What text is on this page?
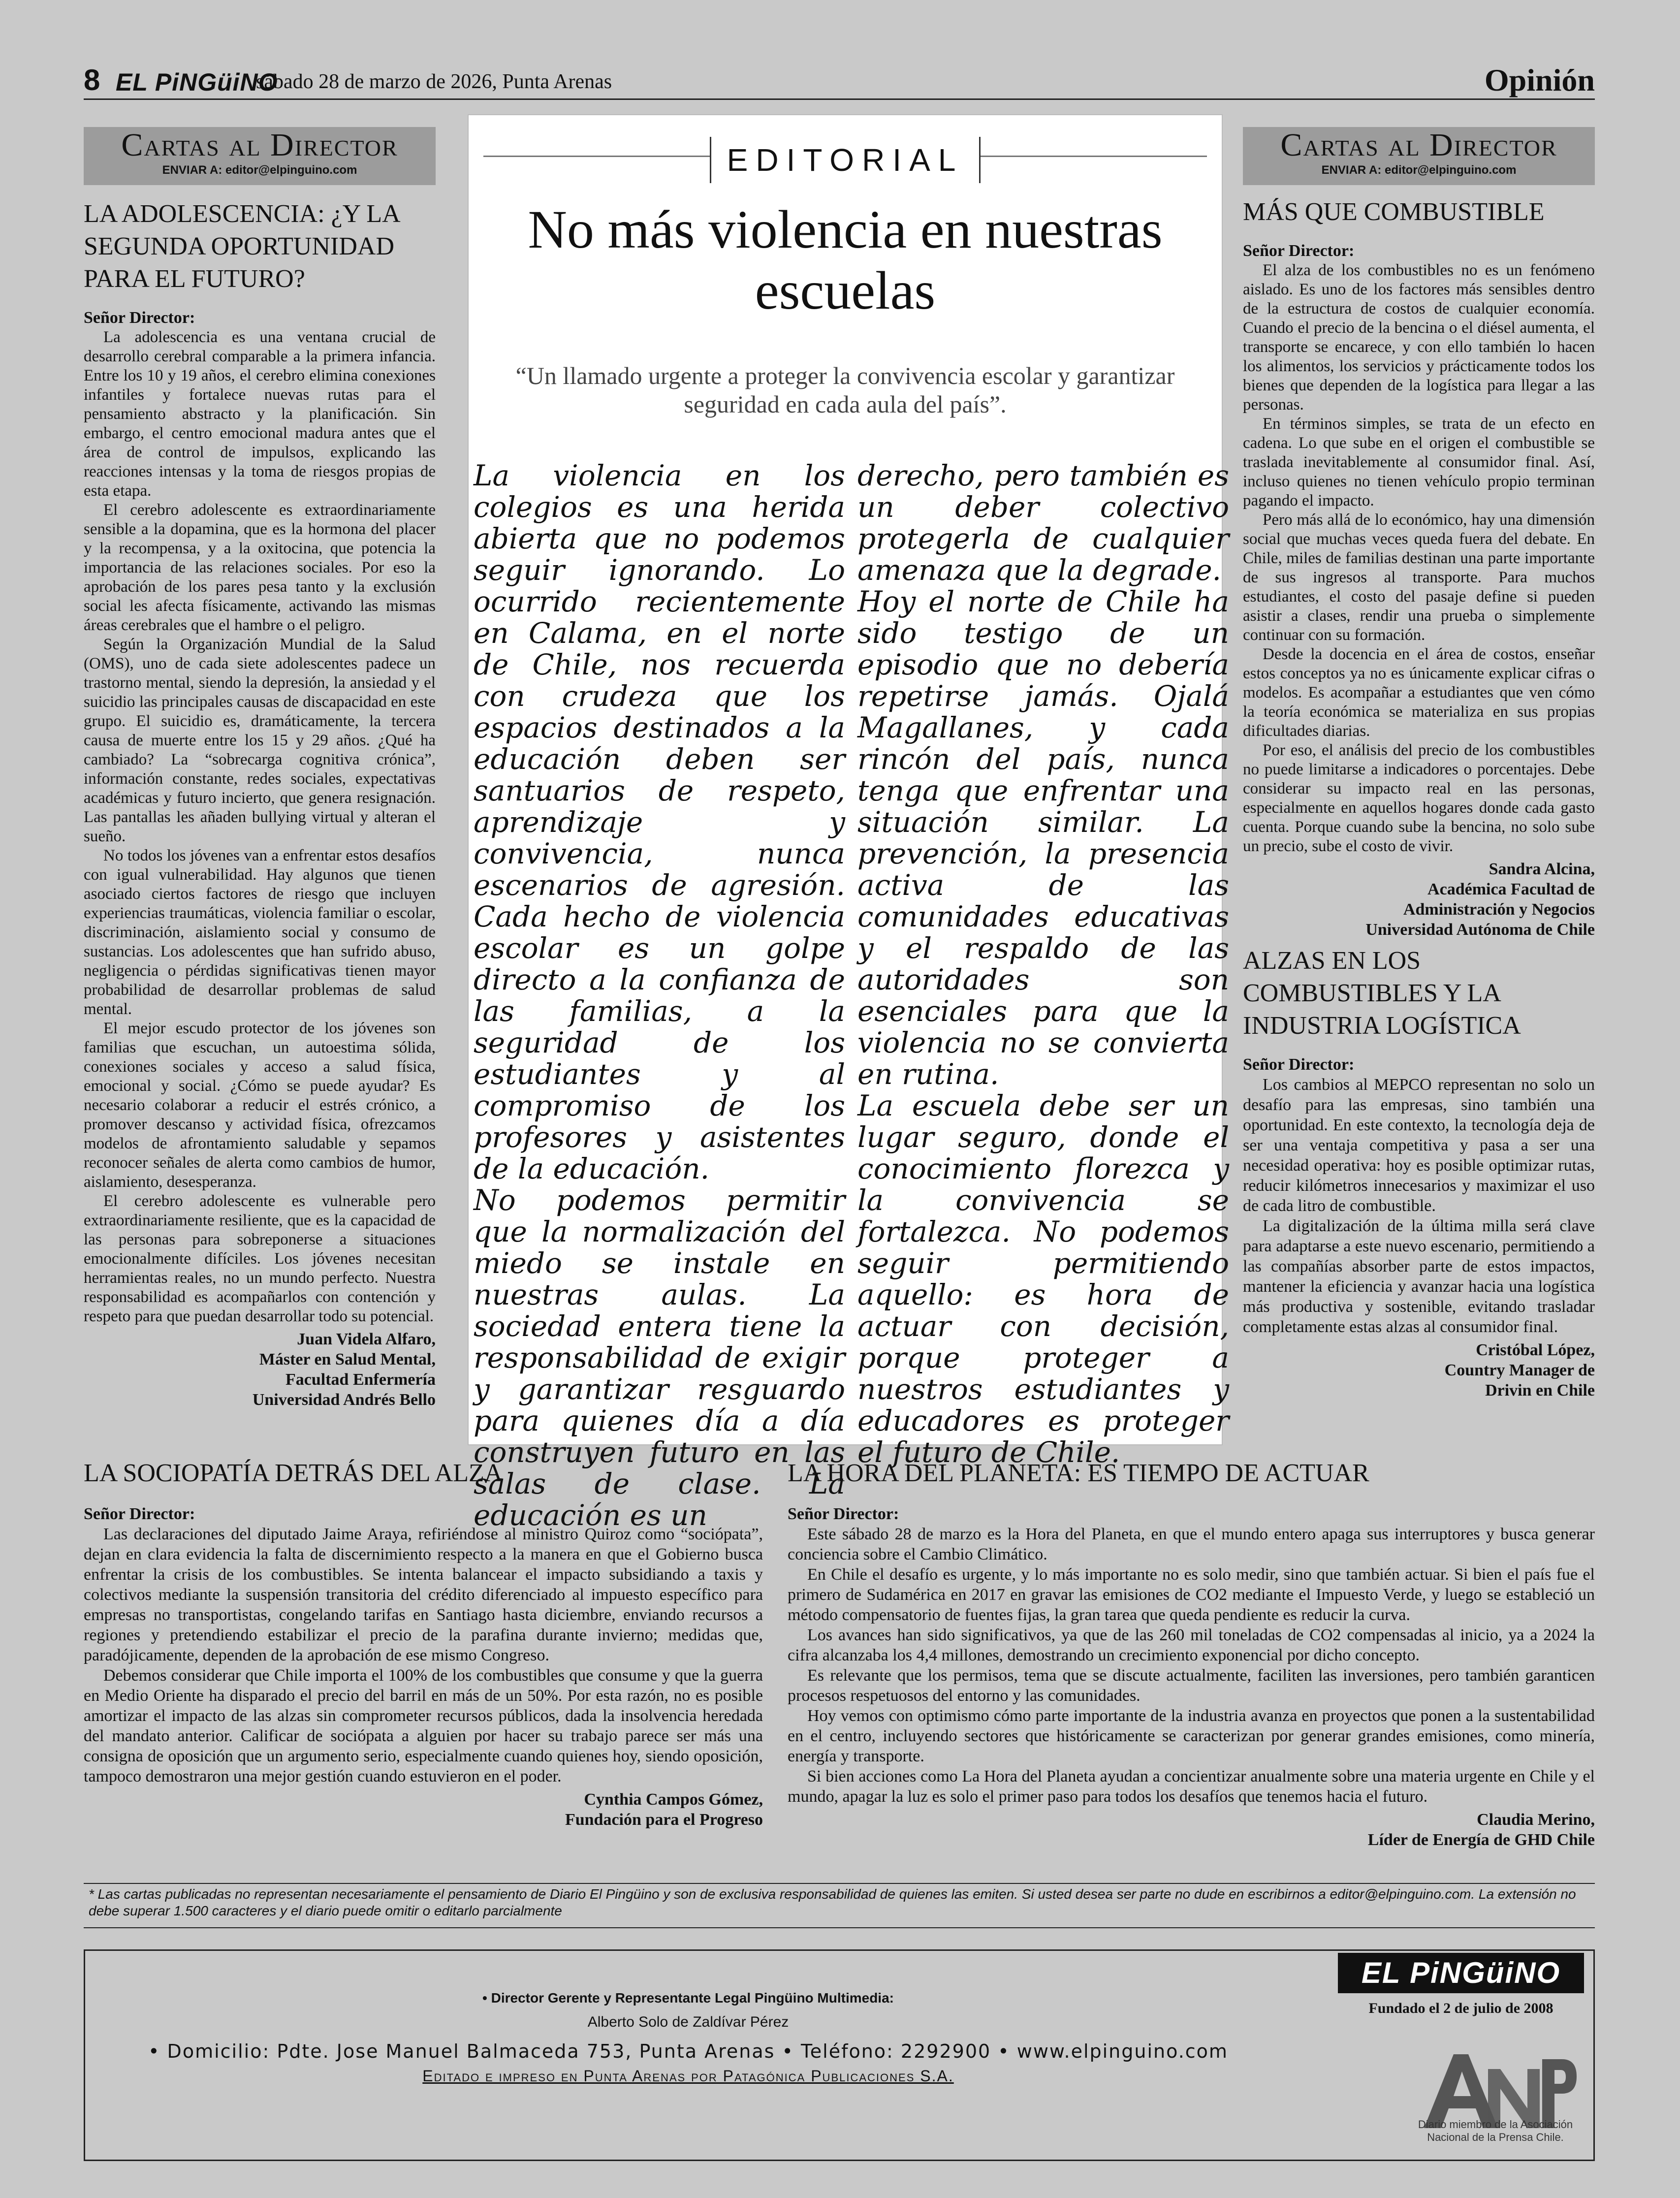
8 EL PiNGüiNO
sábado 28 de marzo de 2026, Punta Arenas	Opinión
Cartas al Director
ENVIAR A: editor@elpinguino.com
LA ADOLESCENCIA: ¿Y LA SEGUNDA OPORTUNIDAD PARA EL FUTURO?
Señor Director:

La adolescencia es una ventana crucial de desarrollo cerebral comparable a la primera infancia. Entre los 10 y 19 años, el cerebro elimina conexiones infantiles y fortalece nuevas rutas para el pensamiento abstracto y la planificación. Sin embargo, el centro emocional madura antes que el área de control de impulsos, explicando las reacciones intensas y la toma de riesgos propias de esta etapa.

El cerebro adolescente es extraordinariamente sensible a la dopamina, que es la hormona del placer y la recompensa, y a la oxitocina, que potencia la importancia de las relaciones sociales. Por eso la aprobación de los pares pesa tanto y la exclusión social les afecta físicamente, activando las mismas áreas cerebrales que el hambre o el peligro.

Según la Organización Mundial de la Salud (OMS), uno de cada siete adolescentes padece un trastorno mental, siendo la depresión, la ansiedad y el suicidio las principales causas de discapacidad en este grupo. El suicidio es, dramáticamente, la tercera causa de muerte entre los 15 y 29 años. ¿Qué ha cambiado? La “sobrecarga cognitiva crónica”, información constante, redes sociales, expectativas académicas y futuro incierto, que genera resignación. Las pantallas les añaden bullying virtual y alteran el sueño.

No todos los jóvenes van a enfrentar estos desafíos con igual vulnerabilidad. Hay algunos que tienen asociado ciertos factores de riesgo que incluyen experiencias traumáticas, violencia familiar o escolar, discriminación, aislamiento social y consumo de sustancias. Los adolescentes que han sufrido abuso, negligencia o pérdidas significativas tienen mayor probabilidad de desarrollar problemas de salud mental.

El mejor escudo protector de los jóvenes son familias que escuchan, un autoestima sólida, conexiones sociales y acceso a salud física, emocional y social. ¿Cómo se puede ayudar? Es necesario colaborar a reducir el estrés crónico, a promover descanso y actividad física, ofrezcamos modelos de afrontamiento saludable y sepamos reconocer señales de alerta como cambios de humor, aislamiento, desesperanza.

El cerebro adolescente es vulnerable pero extraordinariamente resiliente, que es la capacidad de las personas para sobreponerse a situaciones emocionalmente difíciles. Los jóvenes necesitan herramientas reales, no un mundo perfecto. Nuestra responsabilidad es acompañarlos con contención y respeto para que puedan desarrollar todo su potencial.

Juan Videla Alfaro,
Máster en Salud Mental,
Facultad Enfermería
Universidad Andrés Bello
EDITORIAL
No más violencia en nuestras escuelas
“Un llamado urgente a proteger la convivencia escolar y garantizar seguridad en cada aula del país”.

La violencia en los colegios es una herida abierta que no podemos seguir ignorando. Lo ocurrido recientemente en Calama, en el norte de Chile, nos recuerda con crudeza que los espacios destinados a la educación deben ser santuarios de respeto, aprendizaje y convivencia, nunca escenarios de agresión. Cada hecho de violencia escolar es un golpe directo a la confianza de las familias, a la seguridad de los estudiantes y al compromiso de los profesores y asistentes de la educación.

No podemos permitir que la normalización del miedo se instale en nuestras aulas. La sociedad entera tiene la responsabilidad de exigir y garantizar resguardo para quienes día a día construyen futuro en las salas de clase. La educación es un

derecho, pero también es un deber colectivo protegerla de cualquier amenaza que la degrade.

Hoy el norte de Chile ha sido testigo de un episodio que no debería repetirse jamás. Ojalá Magallanes, y cada rincón del país, nunca tenga que enfrentar una situación similar. La prevención, la presencia activa de las comunidades educativas y el respaldo de las autoridades son esenciales para que la violencia no se convierta en rutina.

La escuela debe ser un lugar seguro, donde el conocimiento florezca y la convivencia se fortalezca. No podemos seguir permitiendo aquello: es hora de actuar con decisión, porque proteger a nuestros estudiantes y educadores es proteger el futuro de Chile.

Cartas al Director
ENVIAR A: editor@elpinguino.com
MÁS QUE COMBUSTIBLE
Señor Director:

El alza de los combustibles no es un fenómeno aislado. Es uno de los factores más sensibles dentro de la estructura de costos de cualquier economía. Cuando el precio de la bencina o el diésel aumenta, el transporte se encarece, y con ello también lo hacen los alimentos, los servicios y prácticamente todos los bienes que dependen de la logística para llegar a las personas.

En términos simples, se trata de un efecto en cadena. Lo que sube en el origen el combustible se traslada inevitablemente al consumidor final. Así, incluso quienes no tienen vehículo propio terminan pagando el impacto.

Pero más allá de lo económico, hay una dimensión social que muchas veces queda fuera del debate. En Chile, miles de familias destinan una parte importante de sus ingresos al transporte. Para muchos estudiantes, el costo del pasaje define si pueden asistir a clases, rendir una prueba o simplemente continuar con su formación.

Desde la docencia en el área de costos, enseñar estos conceptos ya no es únicamente explicar cifras o modelos. Es acompañar a estudiantes que ven cómo la teoría económica se materializa en sus propias dificultades diarias.

Por eso, el análisis del precio de los combustibles no puede limitarse a indicadores o porcentajes. Debe considerar su impacto real en las personas, especialmente en aquellos hogares donde cada gasto cuenta. Porque cuando sube la bencina, no solo sube un precio, sube el costo de vivir.

Sandra Alcina,
Académica Facultad de
Administración y Negocios
Universidad Autónoma de Chile
ALZAS EN LOS COMBUSTIBLES Y LA INDUSTRIA LOGÍSTICA
Señor Director:

Los cambios al MEPCO representan no solo un desafío para las empresas, sino también una oportunidad. En este contexto, la tecnología deja de ser una ventaja competitiva y pasa a ser una necesidad operativa: hoy es posible optimizar rutas, reducir kilómetros innecesarios y maximizar el uso de cada litro de combustible.

La digitalización de la última milla será clave para adaptarse a este nuevo escenario, permitiendo a las compañías absorber parte de estos impactos, mantener la eficiencia y avanzar hacia una logística más productiva y sostenible, evitando trasladar completamente estas alzas al consumidor final.

Cristóbal López,
Country Manager de
Drivin en Chile
LA SOCIOPATÍA DETRÁS DEL ALZA
Señor Director:

Las declaraciones del diputado Jaime Araya, refiriéndose al ministro Quiroz como “sociópata”, dejan en clara evidencia la falta de discernimiento respecto a la manera en que el Gobierno busca enfrentar la crisis de los combustibles. Se intenta balancear el impacto subsidiando a taxis y colectivos mediante la suspensión transitoria del crédito diferenciado al impuesto específico para empresas no transportistas, congelando tarifas en Santiago hasta diciembre, enviando recursos a regiones y pretendiendo estabilizar el precio de la parafina durante invierno; medidas que, paradójicamente, dependen de la aprobación de ese mismo Congreso.

Debemos considerar que Chile importa el 100% de los combustibles que consume y que la guerra en Medio Oriente ha disparado el precio del barril en más de un 50%. Por esta razón, no es posible amortizar el impacto de las alzas sin comprometer recursos públicos, dada la insolvencia heredada del mandato anterior. Calificar de sociópata a alguien por hacer su trabajo parece ser más una consigna de oposición que un argumento serio, especialmente cuando quienes hoy, siendo oposición, tampoco demostraron una mejor gestión cuando estuvieron en el poder.

Cynthia Campos Gómez,
Fundación para el Progreso
LA HORA DEL PLANETA: ES TIEMPO DE ACTUAR
Señor Director:

Este sábado 28 de marzo es la Hora del Planeta, en que el mundo entero apaga sus interruptores y busca generar conciencia sobre el Cambio Climático.

En Chile el desafío es urgente, y lo más importante no es solo medir, sino que también actuar. Si bien el país fue el primero de Sudamérica en 2017 en gravar las emisiones de CO2 mediante el Impuesto Verde, y luego se estableció un método compensatorio de fuentes fijas, la gran tarea que queda pendiente es reducir la curva.

Los avances han sido significativos, ya que de las 260 mil toneladas de CO2 compensadas al inicio, ya a 2024 la cifra alcanzaba los 4,4 millones, demostrando un crecimiento exponencial por dicho concepto.

Es relevante que los permisos, tema que se discute actualmente, faciliten las inversiones, pero también garanticen procesos respetuosos del entorno y las comunidades.

Hoy vemos con optimismo cómo parte importante de la industria avanza en proyectos que ponen a la sustentabilidad en el centro, incluyendo sectores que históricamente se caracterizan por generar grandes emisiones, como minería, energía y transporte.

Si bien acciones como La Hora del Planeta ayudan a concientizar anualmente sobre una materia urgente en Chile y el mundo, apagar la luz es solo el primer paso para todos los desafíos que tenemos hacia el futuro.

Claudia Merino,
Líder de Energía de GHD Chile
* Las cartas publicadas no representan necesariamente el pensamiento de Diario El Pingüino y son de exclusiva responsabilidad de quienes las emiten. Si usted desea ser parte no dude en escribirnos a editor@elpinguino.com. La extensión no debe superar 1.500 caracteres y el diario puede omitir o editarlo parcialmente
• Director Gerente y Representante Legal Pingüino Multimedia:
Alberto Solo de Zaldívar Pérez
• Domicilio: Pdte. Jose Manuel Balmaceda 753, Punta Arenas • Teléfono: 2292900 • www.elpinguino.com
Editado e impreso en Punta Arenas por Patagónica Publicaciones S.A.
EL PiNGüiNO
Fundado el 2 de julio de 2008
Diario miembro de la Asociación Nacional de la Prensa Chile.
